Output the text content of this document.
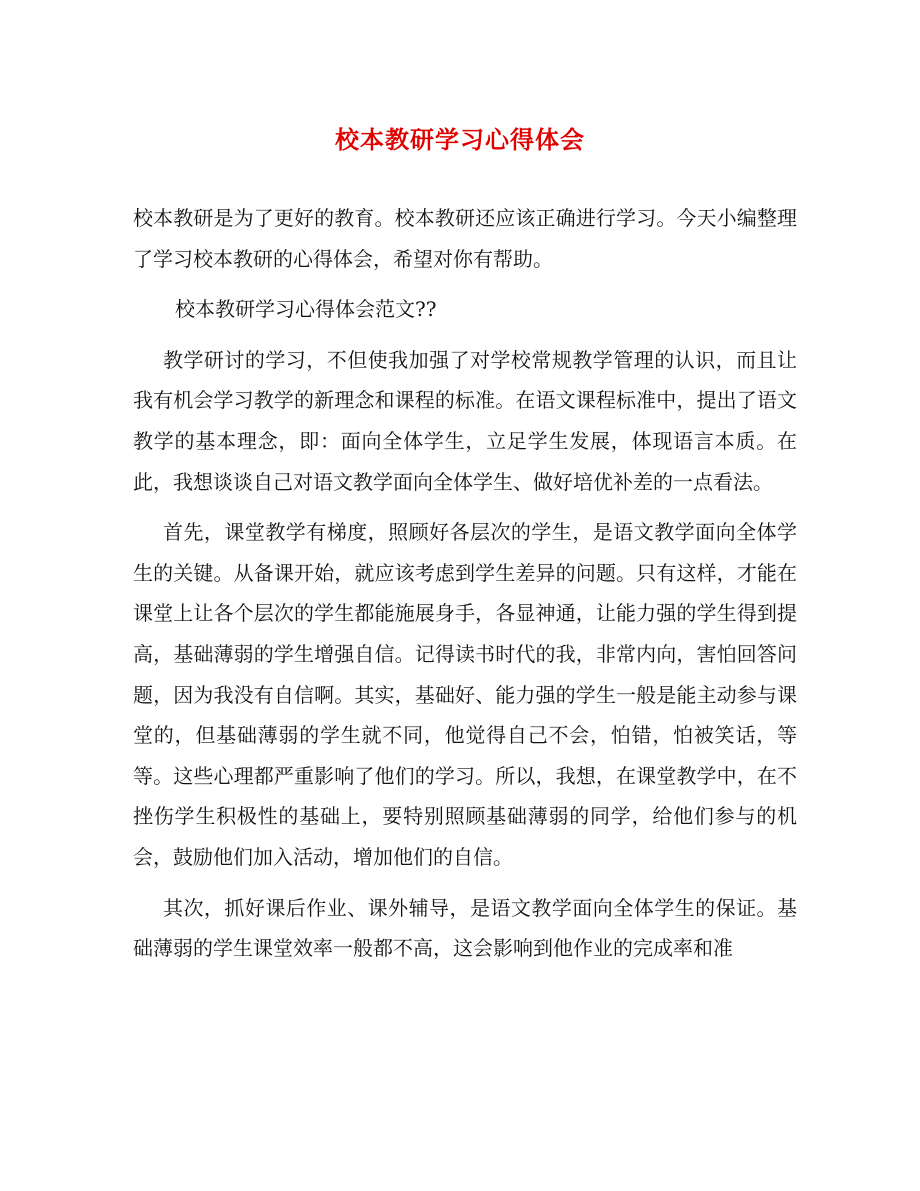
校本教研学习心得体会

校本教研是为了更好的教育。校本教研还应该正确进行学习。今天小编整理了学习校本教研的心得体会，希望对你有帮助。

校本教研学习心得体会范文??

教学研讨的学习，不但使我加强了对学校常规教学管理的认识，而且让我有机会学习教学的新理念和课程的标准。在语文课程标准中，提出了语文教学的基本理念，即：面向全体学生，立足学生发展，体现语言本质。在此，我想谈谈自己对语文教学面向全体学生、做好培优补差的一点看法。

首先，课堂教学有梯度，照顾好各层次的学生，是语文教学面向全体学生的关键。从备课开始，就应该考虑到学生差异的问题。只有这样，才能在课堂上让各个层次的学生都能施展身手，各显神通，让能力强的学生得到提高，基础薄弱的学生增强自信。记得读书时代的我，非常内向，害怕回答问题，因为我没有自信啊。其实，基础好、能力强的学生一般是能主动参与课堂的，但基础薄弱的学生就不同，他觉得自己不会，怕错，怕被笑话，等等。这些心理都严重影响了他们的学习。所以，我想，在课堂教学中，在不挫伤学生积极性的基础上，要特别照顾基础薄弱的同学，给他们参与的机会，鼓励他们加入活动，增加他们的自信。

其次，抓好课后作业、课外辅导，是语文教学面向全体学生的保证。基础薄弱的学生课堂效率一般都不高，这会影响到他作业的完成率和准
